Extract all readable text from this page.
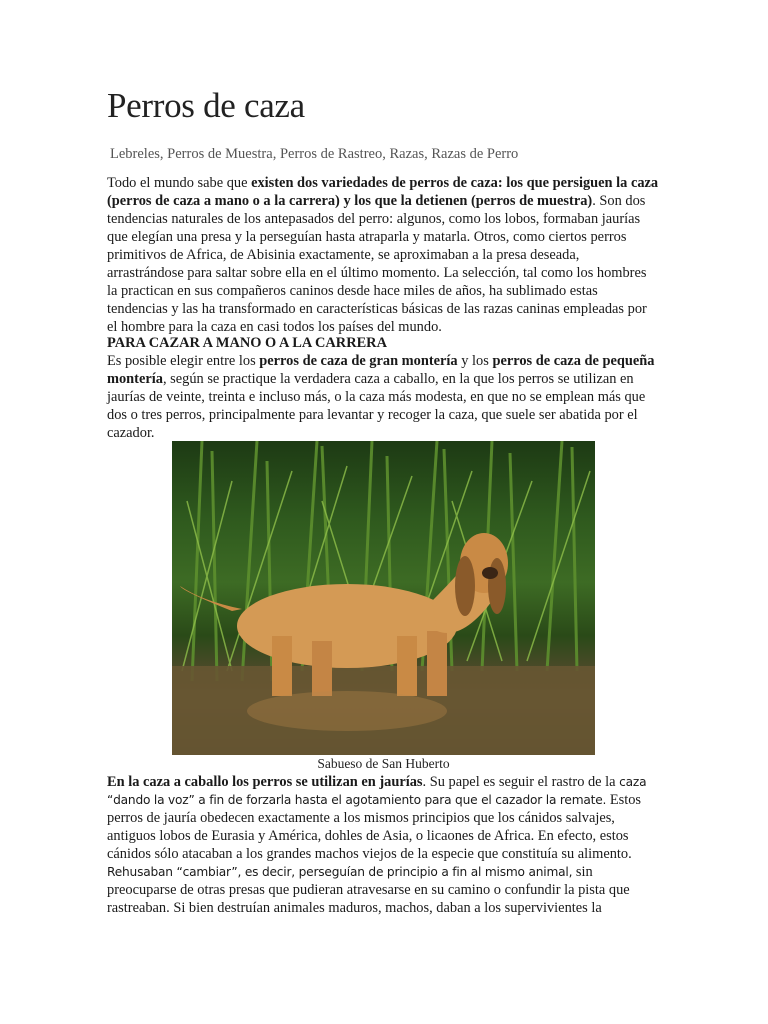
Perros de caza
Lebreles, Perros de Muestra, Perros de Rastreo, Razas, Razas de Perro
Todo el mundo sabe que existen dos variedades de perros de caza: los que persiguen la caza (perros de caza a mano o a la carrera) y los que la detienen (perros de muestra). Son dos tendencias naturales de los antepasados del perro: algunos, como los lobos, formaban jaurías que elegían una presa y la perseguían hasta atraparla y matarla. Otros, como ciertos perros primitivos de Africa, de Abisinia exactamente, se aproximaban a la presa deseada, arrastrándose para saltar sobre ella en el último momento. La selección, tal como los hombres la practican en sus compañeros caninos desde hace miles de años, ha sublimado estas tendencias y las ha transformado en características básicas de las razas caninas empleadas por el hombre para la caza en casi todos los países del mundo.
PARA CAZAR A MANO O A LA CARRERA
Es posible elegir entre los perros de caza de gran montería y los perros de caza de pequeña montería, según se practique la verdadera caza a caballo, en la que los perros se utilizan en jaurías de veinte, treinta e incluso más, o la caza más modesta, en que no se emplean más que dos o tres perros, principalmente para levantar y recoger la caza, que suele ser abatida por el cazador.
Sabueso de San Huberto
En la caza a caballo los perros se utilizan en jaurías. Su papel es seguir el rastro de la caza “dando la voz” a fin de forzarla hasta el agotamiento para que el cazador la remate. Estos perros de jauría obedecen exactamente a los mismos principios que los cánidos salvajes, antiguos lobos de Eurasia y América, dohles de Asia, o licaones de Africa. En efecto, estos cánidos sólo atacaban a los grandes machos viejos de la especie que constituía su alimento. Rehusaban “cambiar”, es decir, perseguían de principio a fin al mismo animal, sin preocuparse de otras presas que pudieran atravesarse en su camino o confundir la pista que rastreaban. Si bien destruían animales maduros, machos, daban a los supervivientes la
